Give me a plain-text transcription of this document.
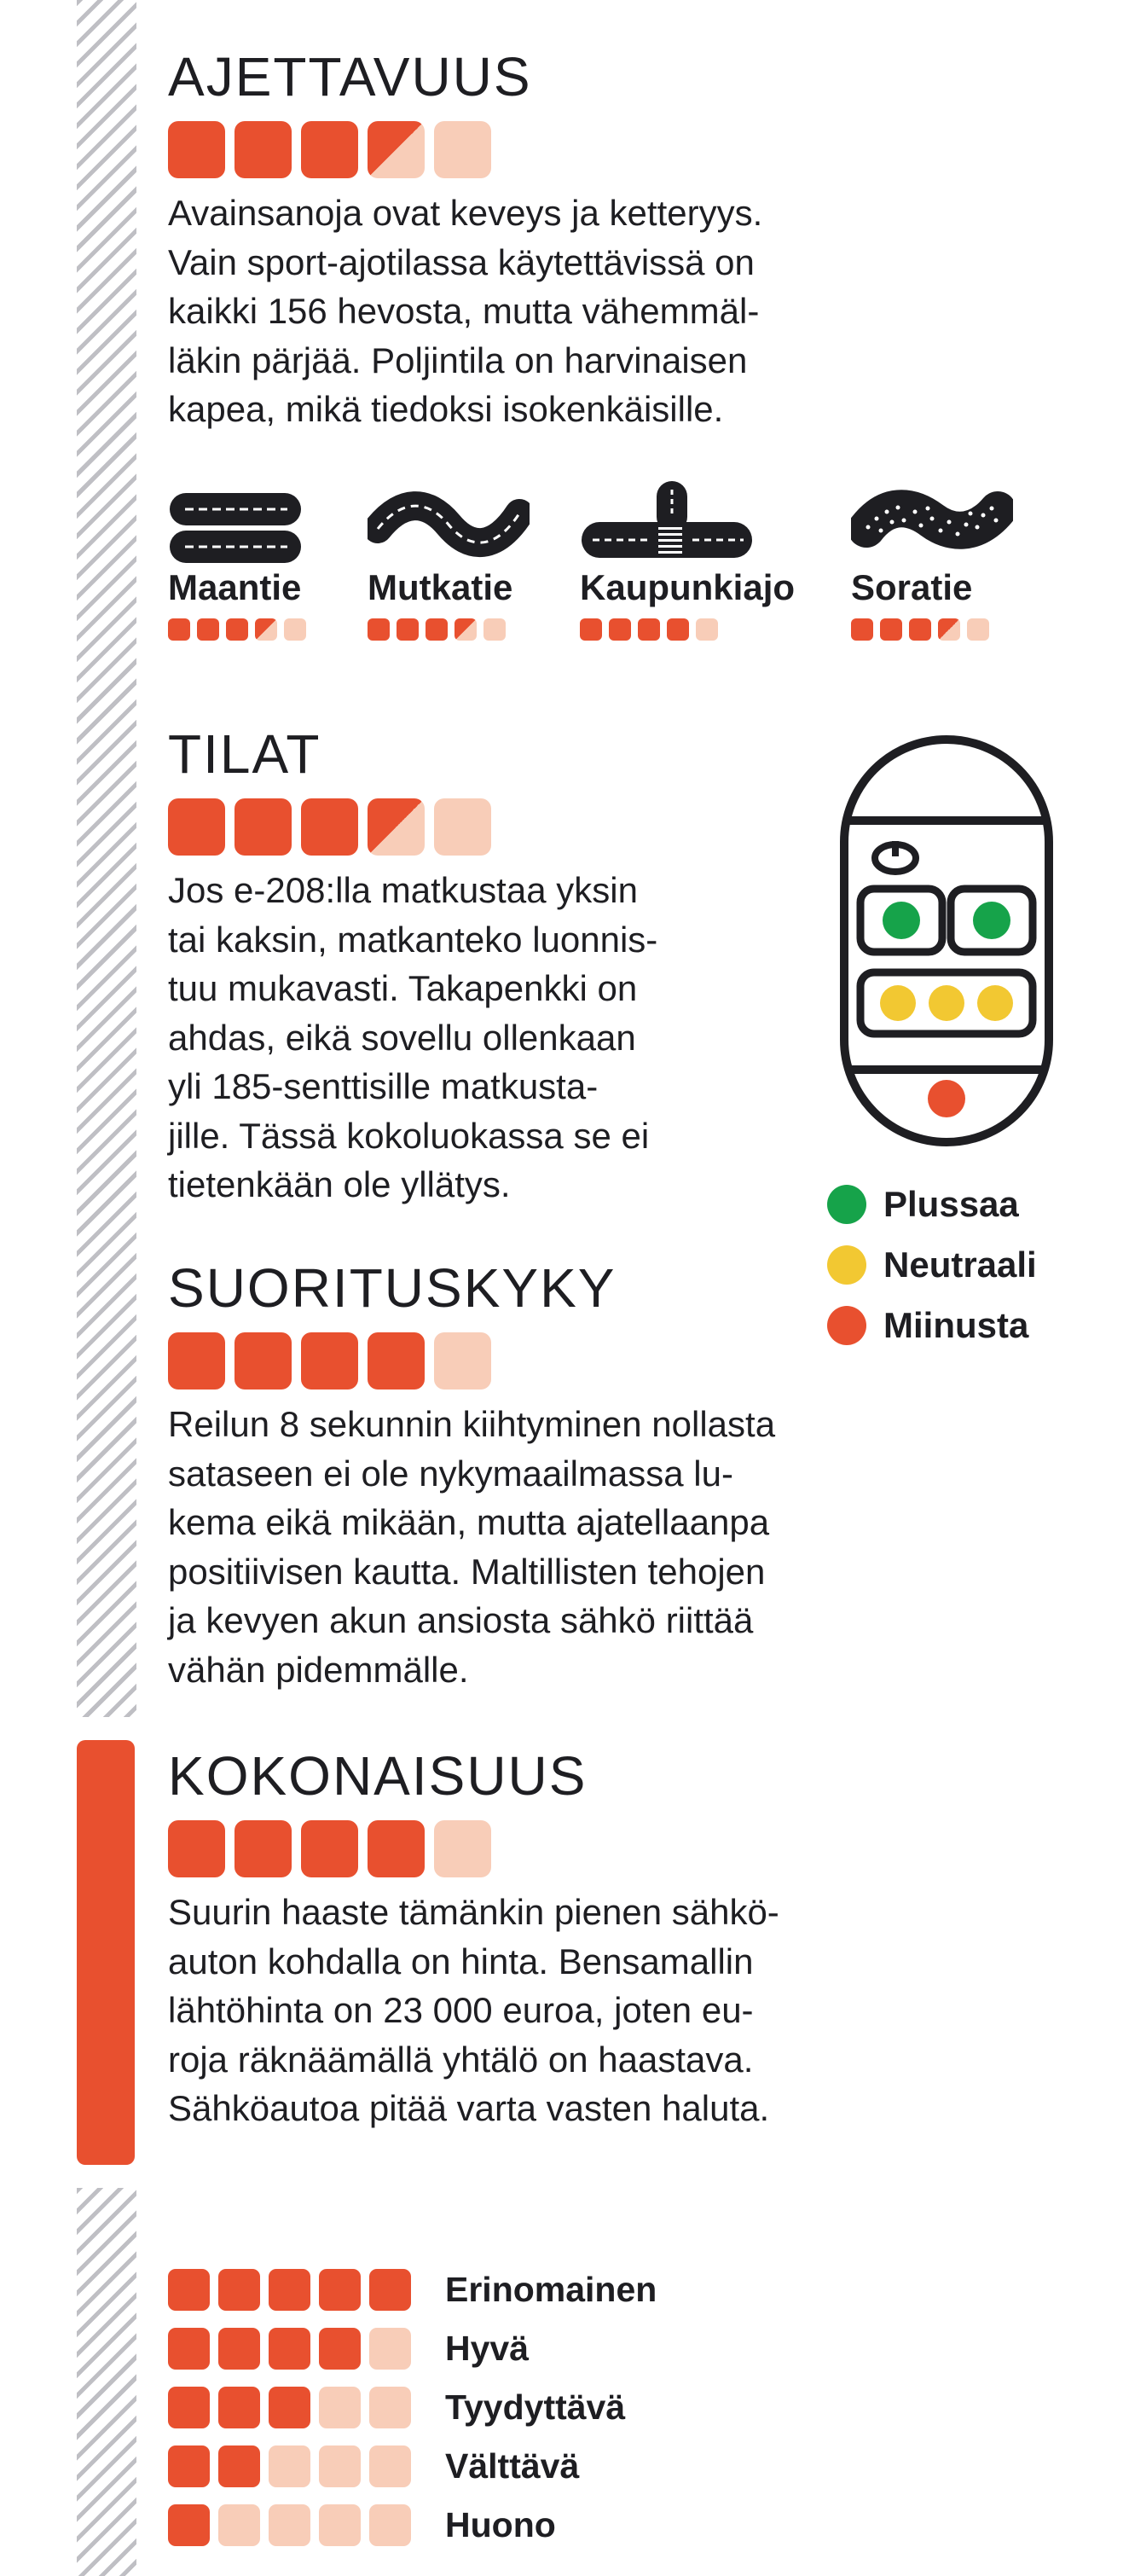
AJETTAVUUS
Avainsanoja ovat keveys ja ketteryys.
Vain sport-ajotilassa käytettävissä on
kaikki 156 hevosta, mutta vähemmäl-
läkin pärjää. Poljintila on harvinaisen
kapea, mikä tiedoksi isokenkäisille.
Maantie Mutkatie	Kaupunkiajo Soratie
TILAT
Jos e-208:lla matkustaa yksin
tai kaksin, matkanteko luonnis-
tuu mukavasti. Takapenkki on
ahdas, eikä sovellu ollenkaan
yli 185-senttisille matkusta-
jille. Tässä kokoluokassa se ei
tietenkään ole yllätys.	Plussaa
Neutraali
Miinusta
SUORITUSKYKY
Reilun 8 sekunnin kiihtyminen nollasta
sataseen ei ole nykymaailmassa lu-
kema eikä mikään, mutta ajatellaanpa
positiivisen kautta. Maltillisten tehojen
ja kevyen akun ansiosta sähkö riittää
vähän pidemmälle.
KOKONAISUUS
Suurin haaste tämänkin pienen sähkö-
auton kohdalla on hinta. Bensamallin
lähtöhinta on 23 000 euroa, joten eu-
roja räknäämällä yhtälö on haastava.
Sähköautoa pitää varta vasten haluta.
Erinomainen
Hyvä
Tyydyttävä
Välttävä
Huono
